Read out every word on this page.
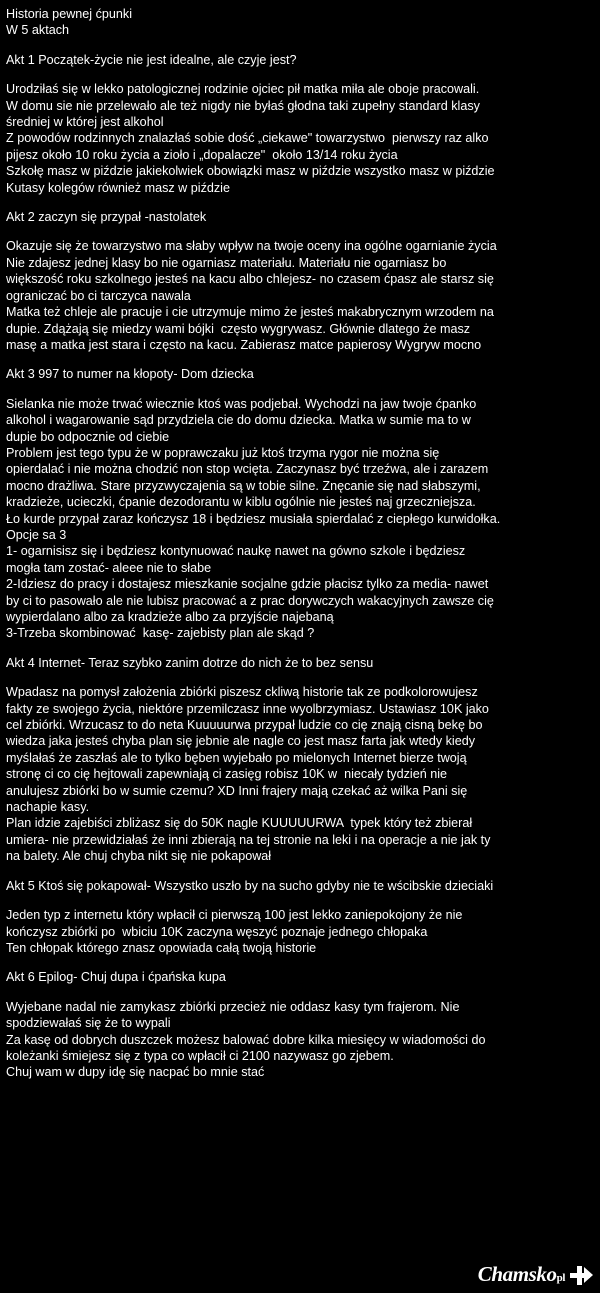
Historia pewnej ćpunki
W 5 aktach
Akt 1 Początek-życie nie jest idealne, ale czyje jest?
Urodziłaś się w lekko patologicznej rodzinie ojciec pił matka miła ale oboje pracowali.
W domu sie nie przelewało ale też nigdy nie byłaś głodna taki zupełny standard klasy
średniej w której jest alkohol
Z powodów rodzinnych znalazłaś sobie dość „ciekawe" towarzystwo  pierwszy raz alko
pijesz około 10 roku życia a zioło i „dopalacze"  około 13/14 roku życia
Szkołę masz w piździe jakiekolwiek obowiązki masz w piździe wszystko masz w piździe
Kutasy kolegów również masz w piździe
Akt 2 zaczyn się przypał -nastolatek
Okazuje się że towarzystwo ma słaby wpływ na twoje oceny ina ogólne ogarnianie życia
Nie zdajesz jednej klasy bo nie ogarniasz materiału. Materiału nie ogarniasz bo
większość roku szkolnego jesteś na kacu albo chlejesz- no czasem ćpasz ale starsz się
ograniczać bo ci tarczyca nawala
Matka też chleje ale pracuje i cie utrzymuje mimo że jesteś makabrycznym wrzodem na
dupie. Zdążają się miedzy wami bójki  często wygrywasz. Głównie dlatego że masz
masę a matka jest stara i często na kacu. Zabierasz matce papierosy Wygryw mocno
Akt 3 997 to numer na kłopoty- Dom dziecka
Sielanka nie może trwać wiecznie ktoś was podjebał. Wychodzi na jaw twoje ćpanko
alkohol i wagarowanie sąd przydziela cie do domu dziecka. Matka w sumie ma to w
dupie bo odpocznie od ciebie
Problem jest tego typu że w poprawczaku już ktoś trzyma rygor nie można się
opierdalać i nie można chodzić non stop wcięta. Zaczynasz być trzeźwa, ale i zarazem
mocno drażliwa. Stare przyzwyczajenia są w tobie silne. Znęcanie się nad słabszymi,
kradzieże, ucieczki, ćpanie dezodorantu w kiblu ogólnie nie jesteś naj grzeczniejsza.
Ło kurde przypał zaraz kończysz 18 i będziesz musiała spierdalać z ciepłego kurwidołka.
Opcje sa 3
1- ogarnisisz się i będziesz kontynuować naukę nawet na gówno szkole i będziesz
mogła tam zostać- aleee nie to słabe
2-Idziesz do pracy i dostajesz mieszkanie socjalne gdzie płacisz tylko za media- nawet
by ci to pasowało ale nie lubisz pracować a z prac dorywczych wakacyjnych zawsze cię
wypierdalano albo za kradzieże albo za przyjście najebaną
3-Trzeba skombinować  kasę- zajebisty plan ale skąd ?
Akt 4 Internet- Teraz szybko zanim dotrze do nich że to bez sensu
Wpadasz na pomysł założenia zbiórki piszesz ckliwą historie tak ze podkolorowujesz
fakty ze swojego życia, niektóre przemilczasz inne wyolbrzymiasz. Ustawiasz 10K jako
cel zbiórki. Wrzucasz to do neta Kuuuuurwa przypał ludzie co cię znają cisną bekę bo
wiedza jaka jesteś chyba plan się jebnie ale nagle co jest masz farta jak wtedy kiedy
myślałaś że zaszłaś ale to tylko bęben wyjebało po mielonych Internet bierze twoją
stronę ci co cię hejtowali zapewniają ci zasięg robisz 10K w  niecały tydzień nie
anulujesz zbiórki bo w sumie czemu? XD Inni frajery mają czekać aż wilka Pani się
nachapie kasy.
Plan idzie zajebiści zbliżasz się do 50K nagle KUUUUURWA  typek który też zbierał
umiera- nie przewidziałaś że inni zbierają na tej stronie na leki i na operacje a nie jak ty
na balety. Ale chuj chyba nikt się nie pokapował
Akt 5 Ktoś się pokapował- Wszystko uszło by na sucho gdyby nie te wścibskie dzieciaki
Jeden typ z internetu który wpłacił ci pierwszą 100 jest lekko zaniepokojony że nie
kończysz zbiórki po  wbiciu 10K zaczyna węszyć poznaje jednego chłopaka
Ten chłopak którego znasz opowiada całą twoją historie
Akt 6 Epilog- Chuj dupa i ćpańska kupa
Wyjebane nadal nie zamykasz zbiórki przecież nie oddasz kasy tym frajerom. Nie
spodziewałaś się że to wypali
Za kasę od dobrych duszczek możesz balować dobre kilka miesięcy w wiadomości do
koleżanki śmiejesz się z typa co wpłacił ci 2100 nazywasz go zjebem.
Chuj wam w dupy idę się nacpać bo mnie stać
Chamskopl
